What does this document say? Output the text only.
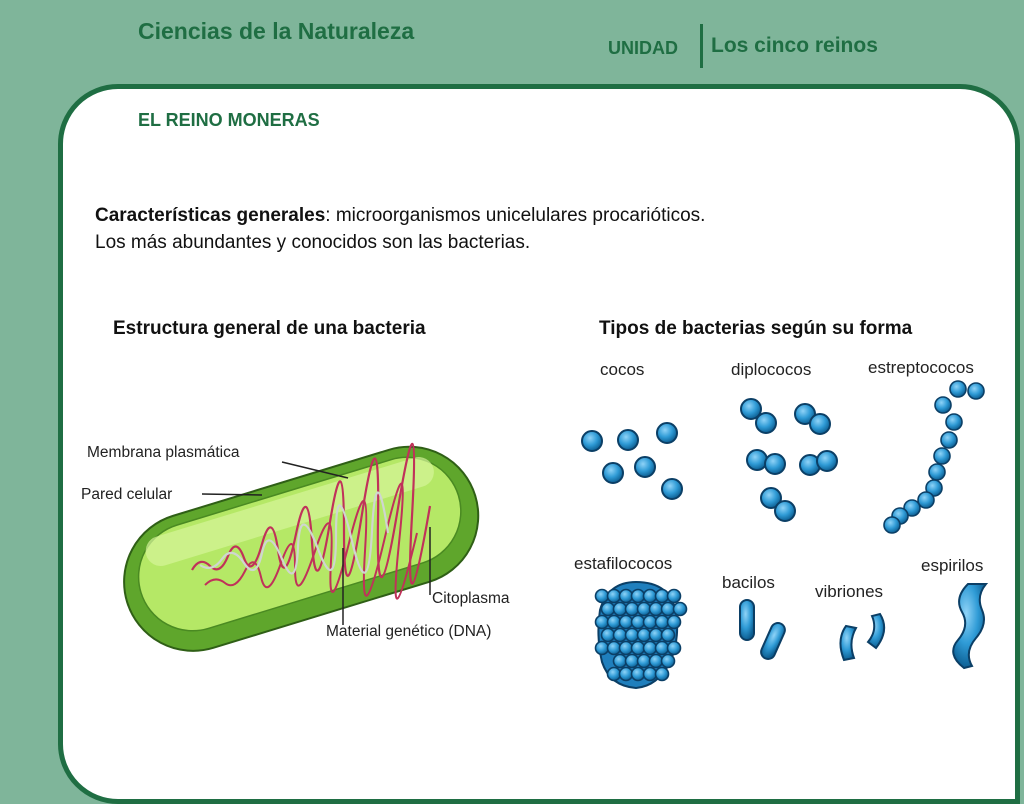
Ciencias de la Naturaleza
UNIDAD Los cinco reinos
EL REINO MONERAS
Características generales: microorganismos unicelulares procarióticos.
Los más abundantes y conocidos son las bacterias.
Estructura general de una bacteria	Tipos de bacterias según su forma
Membrana plasmática
Pared celular
Citoplasma
Material genético (DNA)
cocos	diplococos	estreptococos
estafilococos
bacilos vibriones
espirilos
